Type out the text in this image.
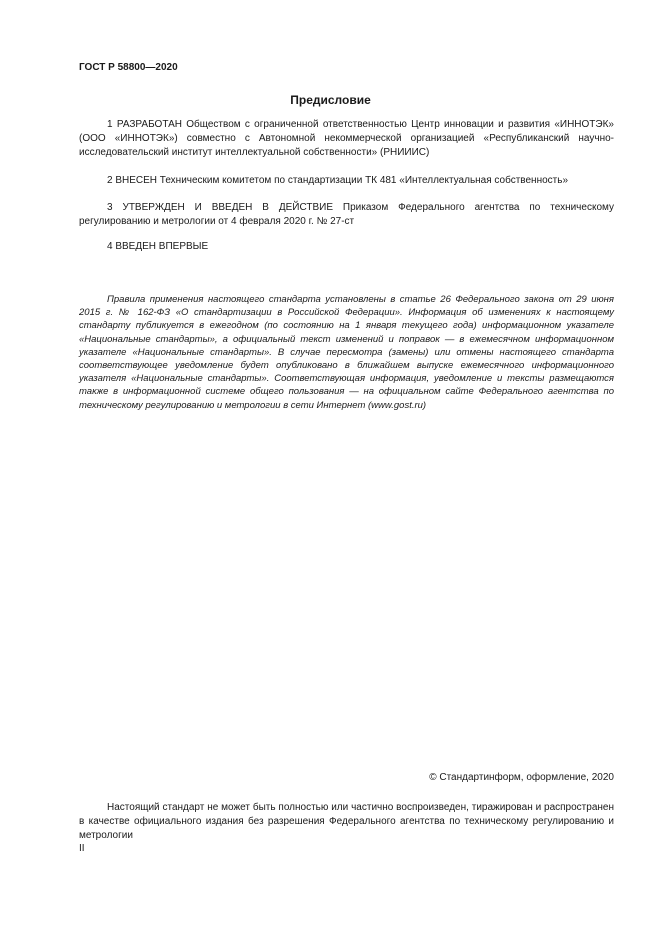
ГОСТ Р 58800—2020
Предисловие

1 РАЗРАБОТАН Обществом с ограниченной ответственностью Центр инновации и развития «ИННОТЭК» (ООО «ИННОТЭК») совместно с Автономной некоммерческой организацией «Республиканский научно-исследовательский институт интеллектуальной собственности» (РНИИИС)

2 ВНЕСЕН Техническим комитетом по стандартизации ТК 481 «Интеллектуальная собственность»

3 УТВЕРЖДЕН И ВВЕДЕН В ДЕЙСТВИЕ Приказом Федерального агентства по техническому регулированию и метрологии от 4 февраля 2020 г. № 27-ст

4 ВВЕДЕН ВПЕРВЫЕ

Правила применения настоящего стандарта установлены в статье 26 Федерального закона от 29 июня 2015 г. № 162-ФЗ «О стандартизации в Российской Федерации». Информация об изменениях к настоящему стандарту публикуется в ежегодном (по состоянию на 1 января текущего года) информационном указателе «Национальные стандарты», а официальный текст изменений и поправок — в ежемесячном информационном указателе «Национальные стандарты». В случае пересмотра (замены) или отмены настоящего стандарта соответствующее уведомление будет опубликовано в ближайшем выпуске ежемесячного информационного указателя «Национальные стандарты». Соответствующая информация, уведомление и тексты размещаются также в информационной системе общего пользования — на официальном сайте Федерального агентства по техническому регулированию и метрологии в сети Интернет (www.gost.ru)

© Стандартинформ, оформление, 2020

Настоящий стандарт не может быть полностью или частично воспроизведен, тиражирован и распространен в качестве официального издания без разрешения Федерального агентства по техническому регулированию и метрологии

II
